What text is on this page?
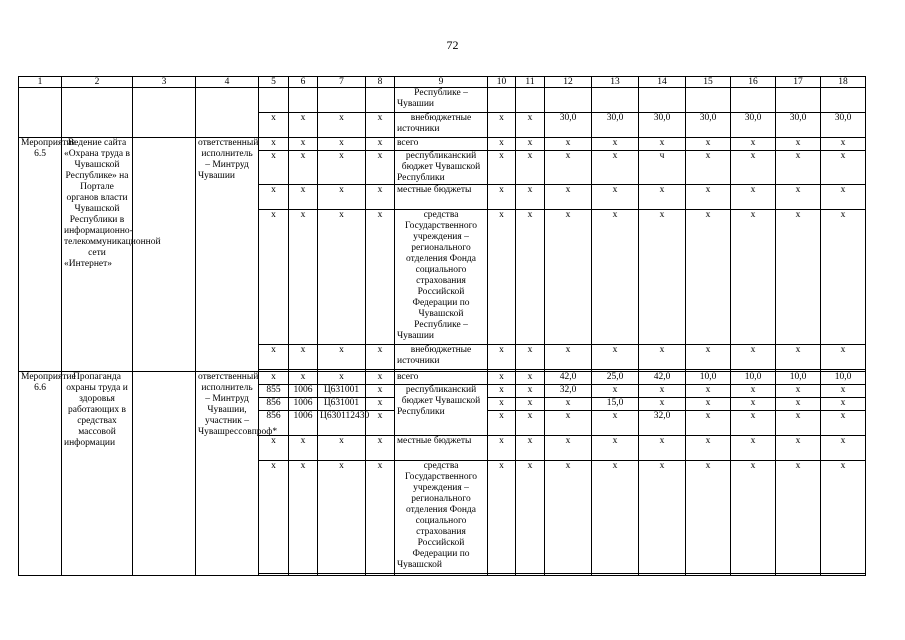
72
1	2	3	4	5	6	7	8	9	10	11	12	13	14	15	16	17	18
								Республике – Чувашии									
				x	x	x	x	внебюджетные источники	x	x	30,0	30,0	30,0	30,0	30,0	30,0	30,0
Мероприятие 6.5	Ведение сайта «Охрана труда в Чувашской Республике» на Портале органов власти Чувашской Республики в информационно-телекоммуникационной сети «Интернет»		ответственный исполнитель – Минтруд Чувашии	x	x	x	x	всего	x	x	x	x	x	x	x	x	x
				x	x	x	x	республиканский бюджет Чувашской Республики	x	x	x	x	ч	x	x	x	x
				x	x	x	x	местные бюджеты	x	x	x	x	x	x	x	x	x
				x	x	x	x	средства Государственного учреждения – регионального отделения Фонда социального страхования Российской Федерации по Чувашской Республике – Чувашии	x	x	x	x	x	x	x	x	x
				x	x	x	x	внебюджетные источники	x	x	x	x	x	x	x	x	x

Мероприятие 6.6	Пропаганда охраны труда и здоровья работающих в средствах массовой информации		ответственный исполнитель – Минтруд Чувашии, участник – Чувашрессовпроф*	x	x	x	x	всего	x	x	42,0	25,0	42,0	10,0	10,0	10,0	10,0
				855	1006	Ц631001	x	республиканский бюджет Чувашской Республики	x	x	32,0	x	x	x	x	x	x
				856	1006	Ц631001	x		x	x	x	15,0	x	x	x	x	x
				856	1006	Ц630112430	x		x	x	x	x	32,0	x	x	x	x
				x	x	x	x	местные бюджеты	x	x	x	x	x	x	x	x	x
				x	x	x	x	средства Государственного учреждения – регионального отделения Фонда социального страхования Российской Федерации по Чувашской	x	x	x	x	x	x	x	x	x
